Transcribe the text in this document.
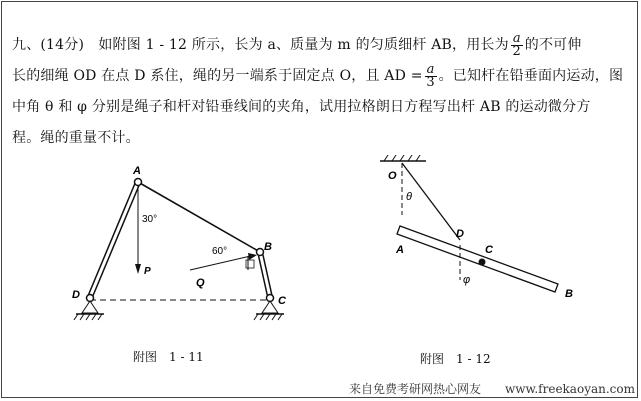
九、(14分)　如附图 1 - 12 所示，长为 a、质量为 m 的匀质细杆 AB，用长为 $\frac{a}{2}$ 的不可伸
长的细绳 OD 在点 D 系住，绳的另一端系于固定点 O，且 AD = $\frac{a}{3}$ 。已知杆在铅垂面内运动，图
中角 θ 和 φ 分别是绳子和杆对铅垂线间的夹角，试用拉格朗日方程写出杆 AB 的运动微分方
程。绳的重量不计。
A
B
C
D
P
Q
30°
60°
附图　1 - 11
O
θ
D
C
A
B
φ
附图　1 - 12
来自免费考研网热心网友　　www.freekaoyan.com
